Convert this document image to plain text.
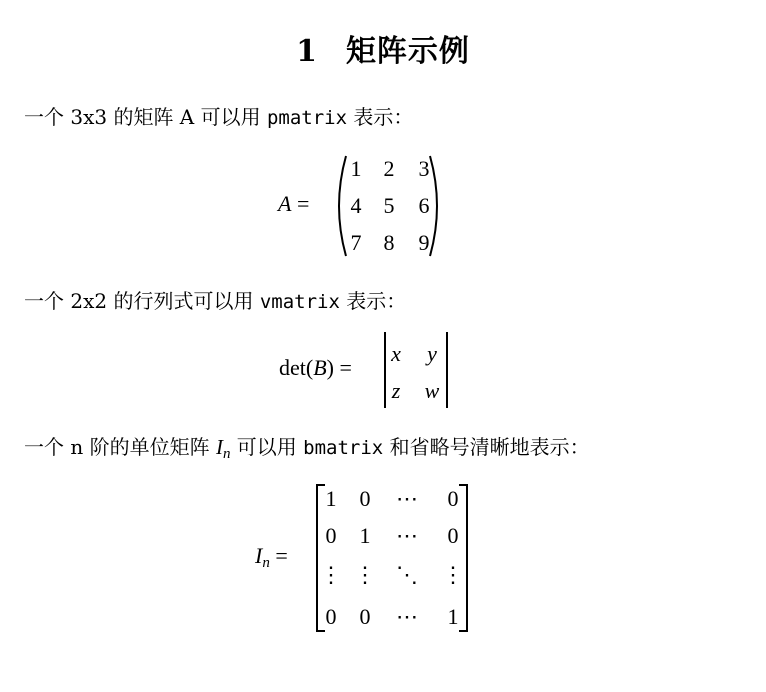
1 矩阵示例
一个 3x3 的矩阵 A 可以用 pmatrix 表示：
A =
1	2	3
4	5	6
7	8	9
一个 2x2 的行列式可以用 vmatrix 表示：
det(B) =
x	y
z	w
一个 n 阶的单位矩阵 $I_n$ 可以用 bmatrix 和省略号清晰地表示：
$I_n$ =
1	0	⋯	0
0	1	⋯	0
⋮ ⋮ ⋱ ⋮
0	0	⋯	1
